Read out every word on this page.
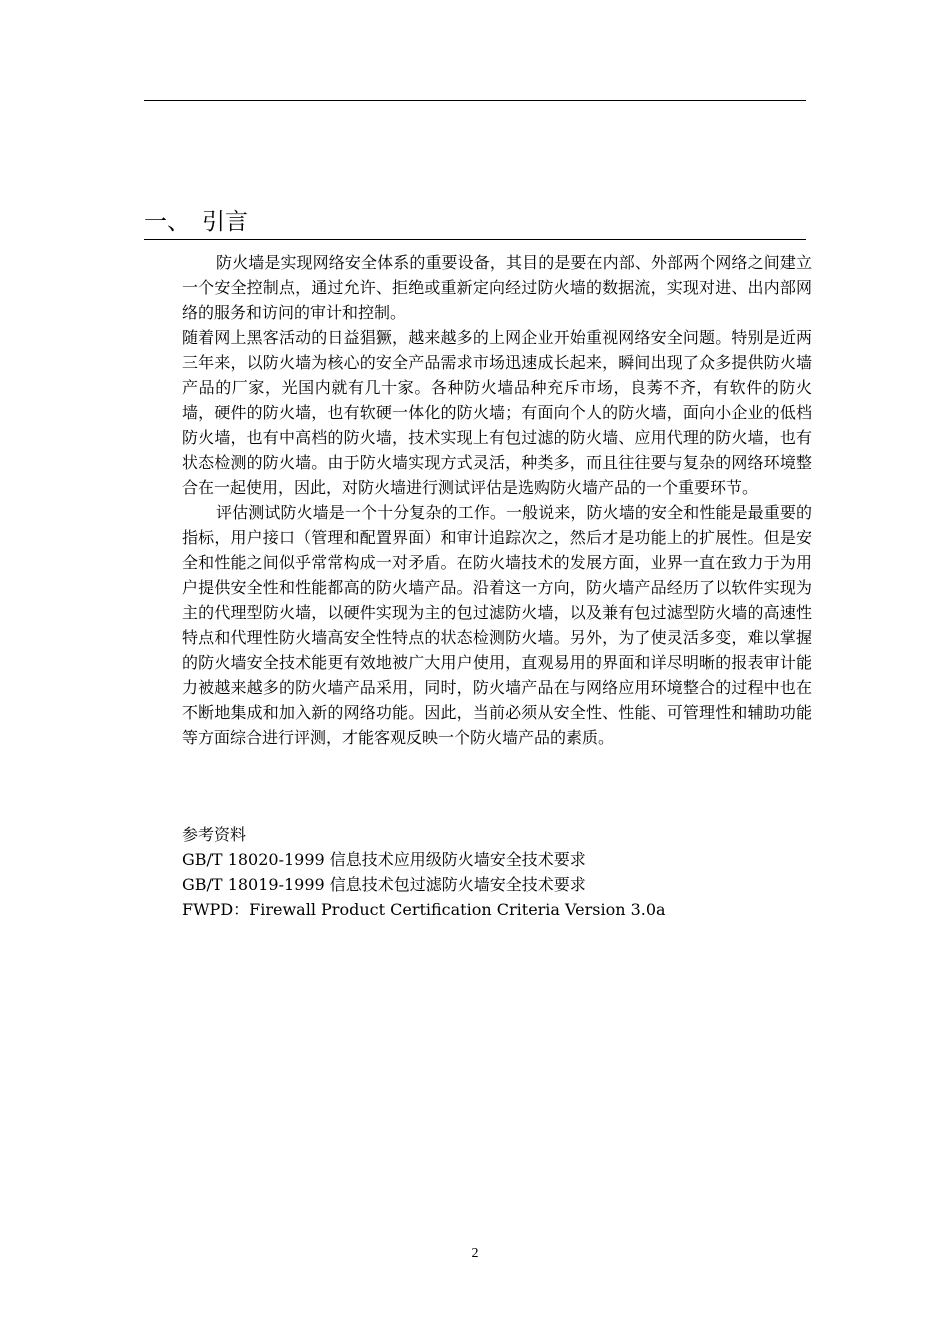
一、 引言

防火墙是实现网络安全体系的重要设备，其目的是要在内部、外部两个网络之间建立一个安全控制点，通过允许、拒绝或重新定向经过防火墙的数据流，实现对进、出内部网络的服务和访问的审计和控制。

随着网上黑客活动的日益猖獗，越来越多的上网企业开始重视网络安全问题。特别是近两三年来，以防火墙为核心的安全产品需求市场迅速成长起来，瞬间出现了众多提供防火墙产品的厂家，光国内就有几十家。各种防火墙品种充斥市场，良莠不齐，有软件的防火墙，硬件的防火墙，也有软硬一体化的防火墙；有面向个人的防火墙，面向小企业的低档防火墙，也有中高档的防火墙，技术实现上有包过滤的防火墙、应用代理的防火墙，也有状态检测的防火墙。由于防火墙实现方式灵活，种类多，而且往往要与复杂的网络环境整合在一起使用，因此，对防火墙进行测试评估是选购防火墙产品的一个重要环节。

评估测试防火墙是一个十分复杂的工作。一般说来，防火墙的安全和性能是最重要的指标，用户接口（管理和配置界面）和审计追踪次之，然后才是功能上的扩展性。但是安全和性能之间似乎常常构成一对矛盾。在防火墙技术的发展方面，业界一直在致力于为用户提供安全性和性能都高的防火墙产品。沿着这一方向，防火墙产品经历了以软件实现为主的代理型防火墙，以硬件实现为主的包过滤防火墙，以及兼有包过滤型防火墙的高速性特点和代理性防火墙高安全性特点的状态检测防火墙。另外，为了使灵活多变，难以掌握的防火墙安全技术能更有效地被广大用户使用，直观易用的界面和详尽明晰的报表审计能力被越来越多的防火墙产品采用，同时，防火墙产品在与网络应用环境整合的过程中也在不断地集成和加入新的网络功能。因此，当前必须从安全性、性能、可管理性和辅助功能等方面综合进行评测，才能客观反映一个防火墙产品的素质。

参考资料
GB/T 18020-1999 信息技术应用级防火墙安全技术要求
GB/T 18019-1999 信息技术包过滤防火墙安全技术要求
FWPD：Firewall Product Certification Criteria Version 3.0a
2
